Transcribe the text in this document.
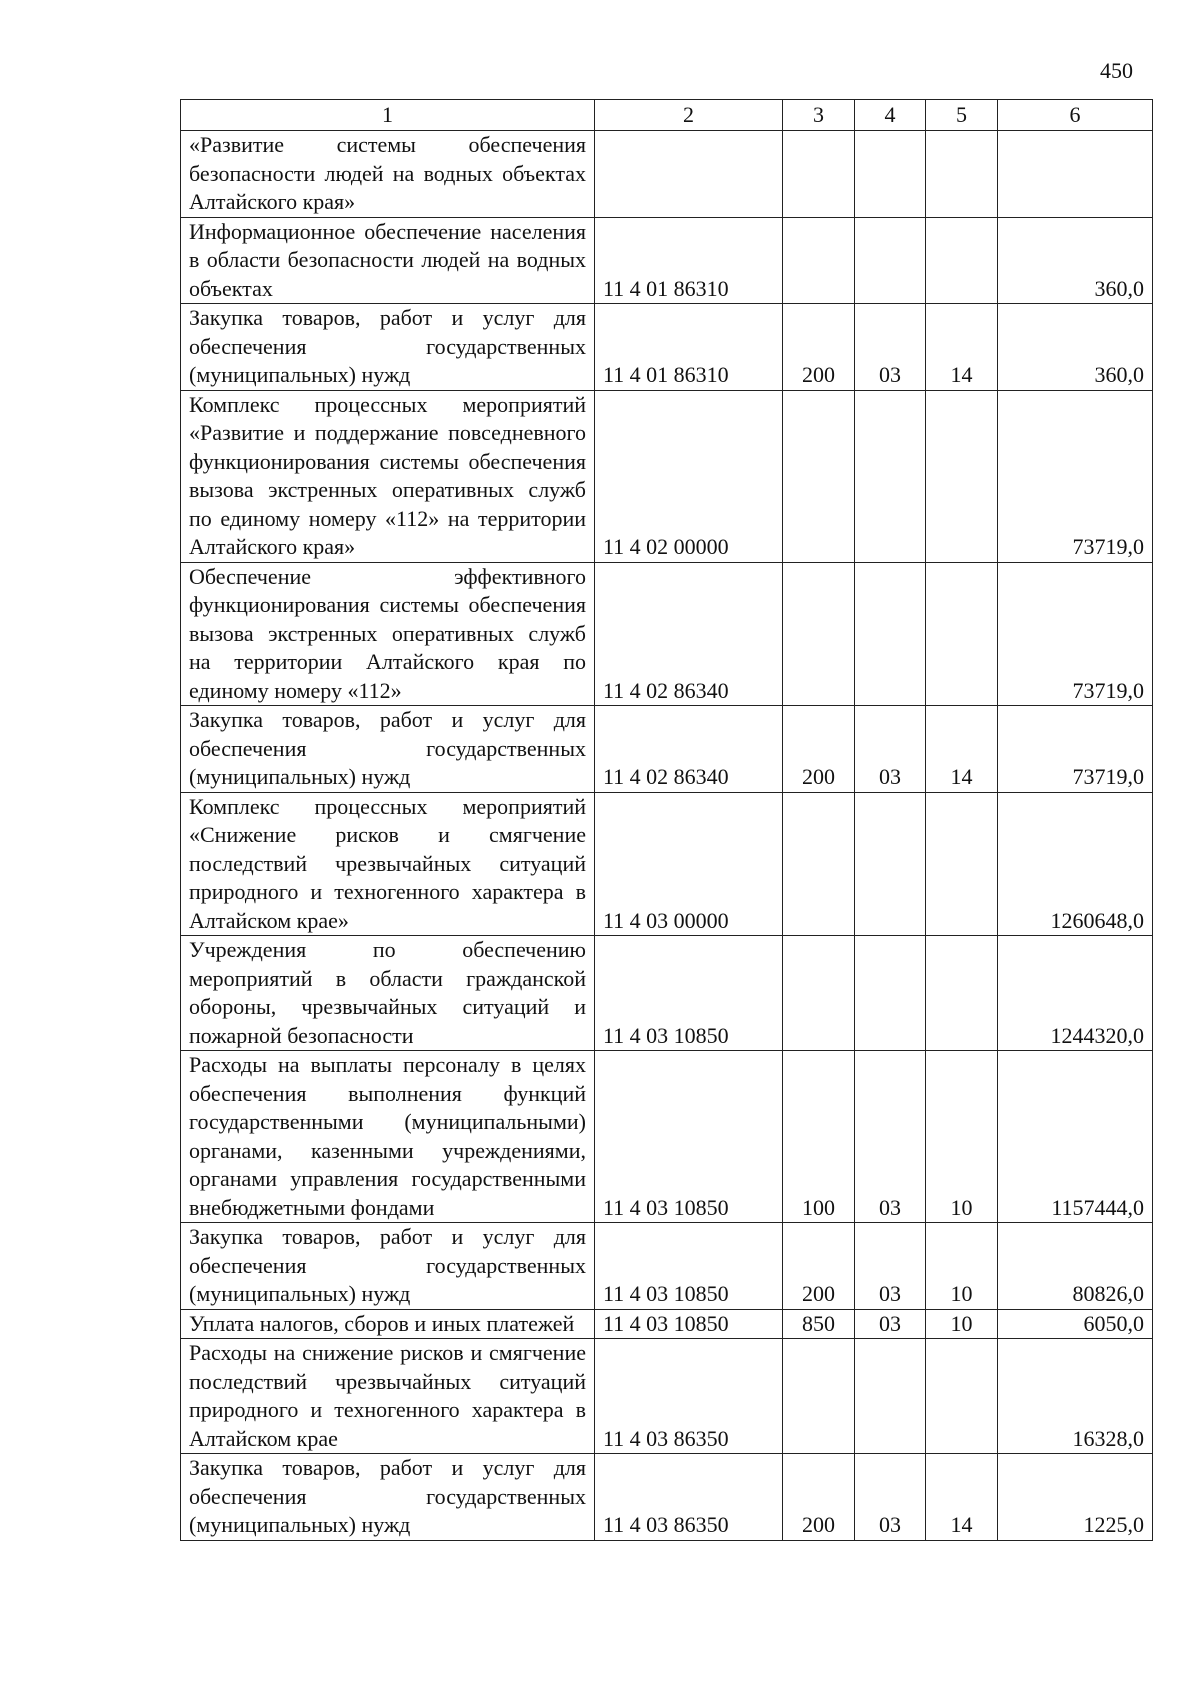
450
1	2	3	4	5	6
«Развитие системы обеспечения безопасности людей на водных объектах Алтайского края»					
Информационное обеспечение населения в области безопасности людей на водных объектах	11 4 01 86310				360,0
Закупка товаров, работ и услуг для обеспечения государственных (муниципальных) нужд	11 4 01 86310	200	03	14	360,0
Комплекс процессных мероприятий «Развитие и поддержание повседневного функционирования системы обеспечения вызова экстренных оперативных служб по единому номеру «112» на территории Алтайского края»	11 4 02 00000				73719,0
Обеспечение эффективного функционирования системы обеспечения вызова экстренных оперативных служб на территории Алтайского края по единому номеру «112»	11 4 02 86340				73719,0
Закупка товаров, работ и услуг для обеспечения государственных (муниципальных) нужд	11 4 02 86340	200	03	14	73719,0
Комплекс процессных мероприятий «Снижение рисков и смягчение последствий чрезвычайных ситуаций природного и техногенного характера в Алтайском крае»	11 4 03 00000				1260648,0
Учреждения по обеспечению мероприятий в области гражданской обороны, чрезвычайных ситуаций и пожарной безопасности	11 4 03 10850				1244320,0
Расходы на выплаты персоналу в целях обеспечения выполнения функций государственными (муниципальными) органами, казенными учреждениями, органами управления государственными внебюджетными фондами	11 4 03 10850	100	03	10	1157444,0
Закупка товаров, работ и услуг для обеспечения государственных (муниципальных) нужд	11 4 03 10850	200	03	10	80826,0
Уплата налогов, сборов и иных платежей	11 4 03 10850	850	03	10	6050,0
Расходы на снижение рисков и смягчение последствий чрезвычайных ситуаций природного и техногенного характера в Алтайском крае	11 4 03 86350				16328,0
Закупка товаров, работ и услуг для обеспечения государственных (муниципальных) нужд	11 4 03 86350	200	03	14	1225,0
